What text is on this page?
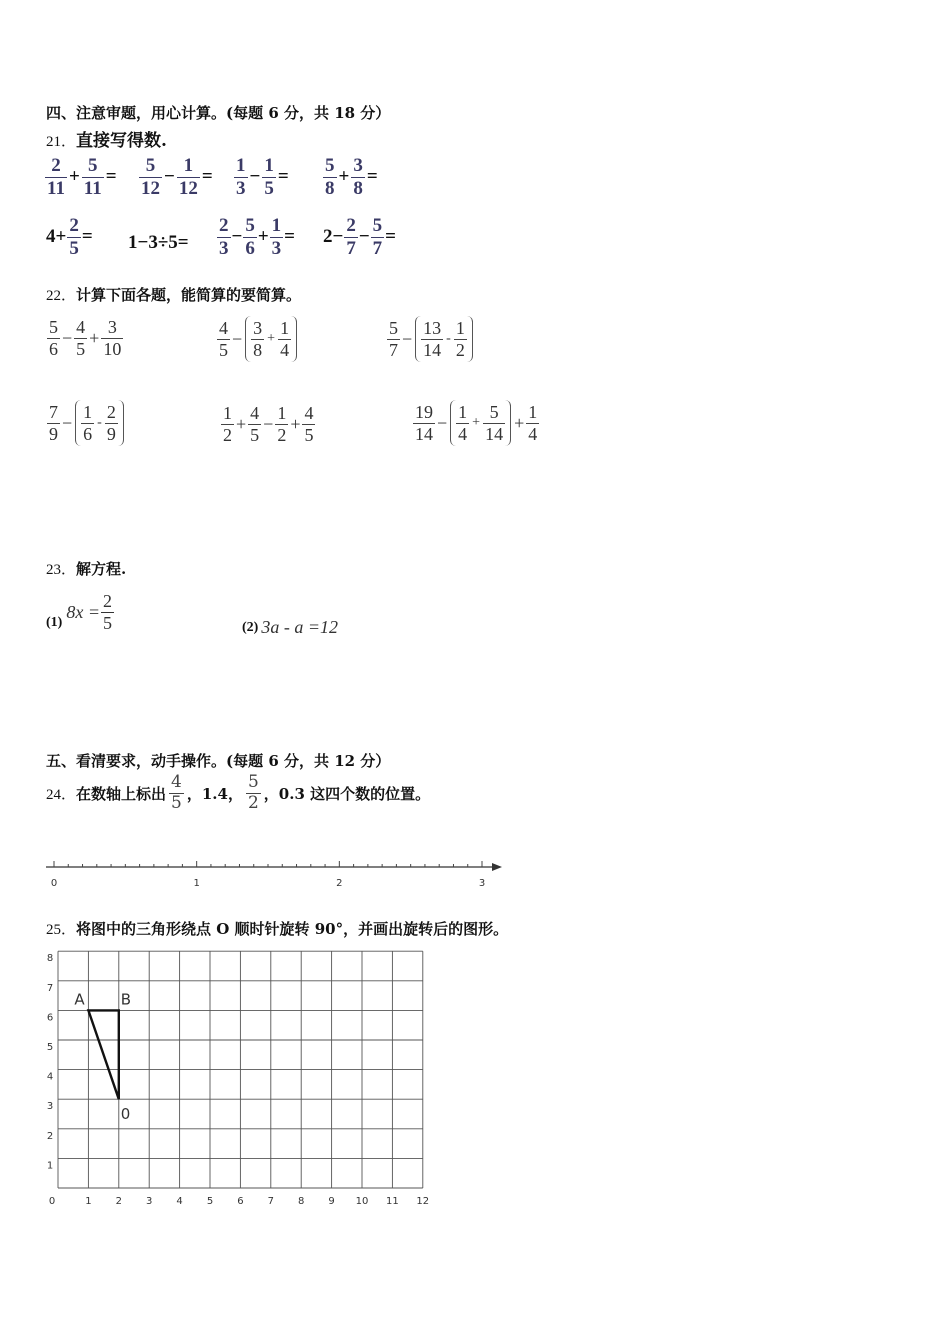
四、注意审题，用心计算。(每题 6 分，共 18 分）
21． 直接写得数.
$\frac{2}{11} + \frac{5}{11} = \frac{5}{12} - \frac{1}{12} = \frac{1}{3} - \frac{1}{5} = \frac{5}{8} + \frac{3}{8}$ =
$4+ \frac{2}{5} = 1-3\div 5= \frac{2}{3} - \frac{5}{6} + \frac{1}{3} = 2- \frac{2}{7} - \frac{5}{7}$ =
22． 计算下面各题，能简算的要简算。
$\frac{5}{6} - \frac{4}{5} + \frac{3}{10}$	$\frac{4}{5} - \frac{3}{8} + \frac{1}{4}$	$\frac{5}{7} - \frac{13}{14} - \frac{1}{2}$
$\frac{7}{9} - \frac{1}{6} - \frac{2}{9}$	$\frac{1}{2} + \frac{4}{5} - \frac{1}{2} + \frac{4}{5}$	$\frac{19}{14} - \frac{1}{4} + \frac{5}{14} + \frac{1}{4}$
23． 解方程.
(1)
$8x = \frac{2}{5}$	(2) 3a - a =12
五、看清要求，动手操作。(每题 6 分，共 12 分）
24． 在数轴上标出 $\frac{4}{5}$ ，1.4， $\frac{5}{2}$ ，0.3 这四个数的位置。
0	1	2	3
25． 将图中的三角形绕点 O 顺时针旋转 90°，并画出旋转后的图形。
0	1 2 3 4 5 6 7 8 9 10 11 12
1
2
3
4
5
6
7
8
A B
0
